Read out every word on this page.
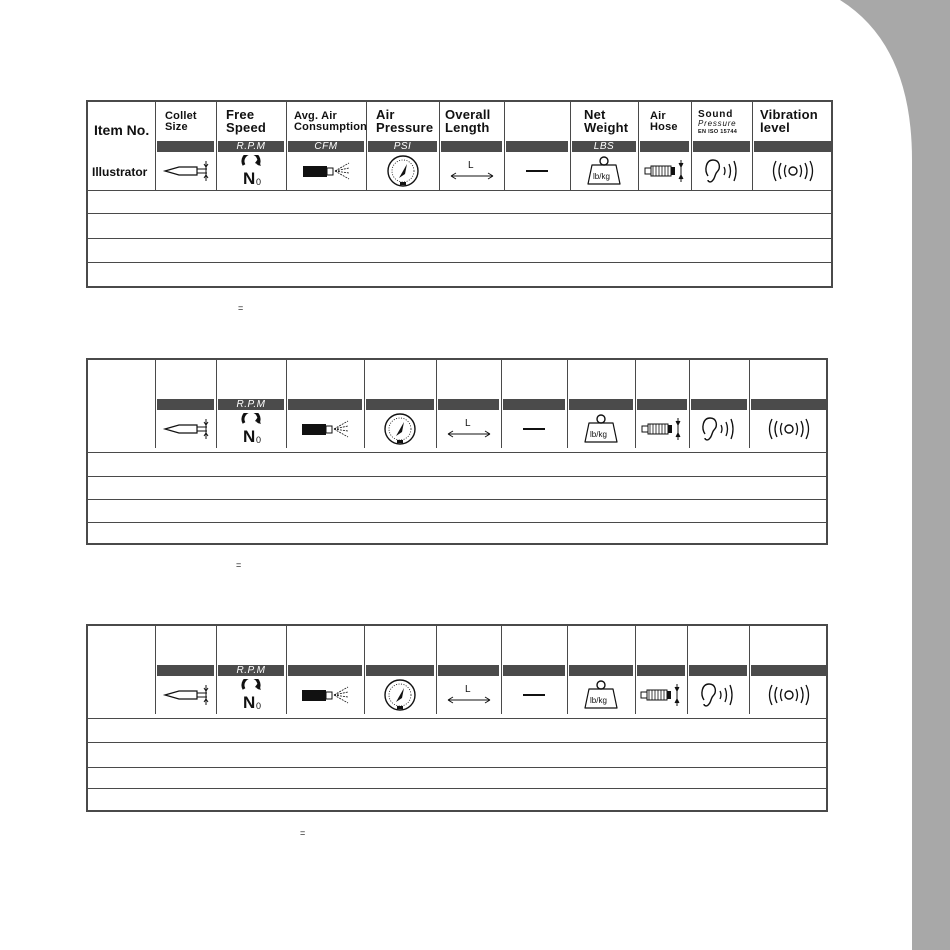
Item No.
Collet
Size
Free
Speed
R.P.M
Avg. Air
Consumption
CFM
Air
Pressure
PSI
Overall
Length
Net
Weight
LBS
Air
Hose
Sound
Pressure
EN ISO 15744
Vibration
level
Illustrator	N 0
L
lb/kg
=
R.P.M
N 0
L
lb/kg
=
R.P.M
N 0
L
lb/kg
=
